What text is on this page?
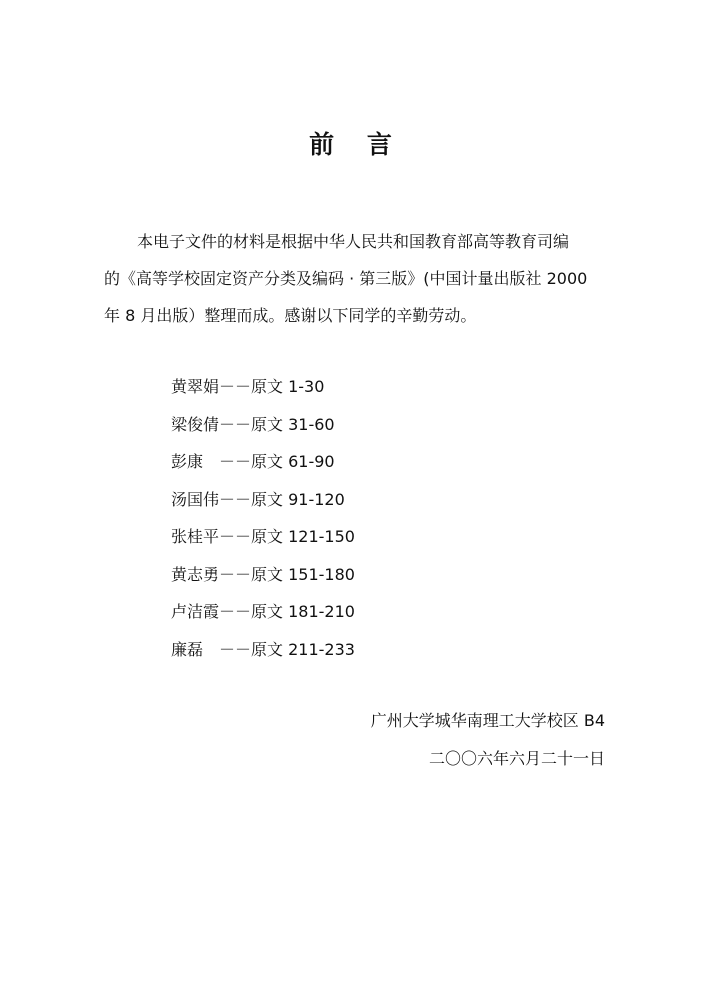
前 言
本电子文件的材料是根据中华人民共和国教育部高等教育司编
的《高等学校固定资产分类及编码 · 第三版》(中国计量出版社 2000
年 8 月出版）整理而成。感谢以下同学的辛勤劳动。
黄翠娟－－原文 1-30
梁俊倩－－原文 31-60
彭康　－－原文 61-90
汤国伟－－原文 91-120
张桂平－－原文 121-150
黄志勇－－原文 151-180
卢洁霞－－原文 181-210
廉磊　－－原文 211-233
广州大学城华南理工大学校区 B4
二〇〇六年六月二十一日
